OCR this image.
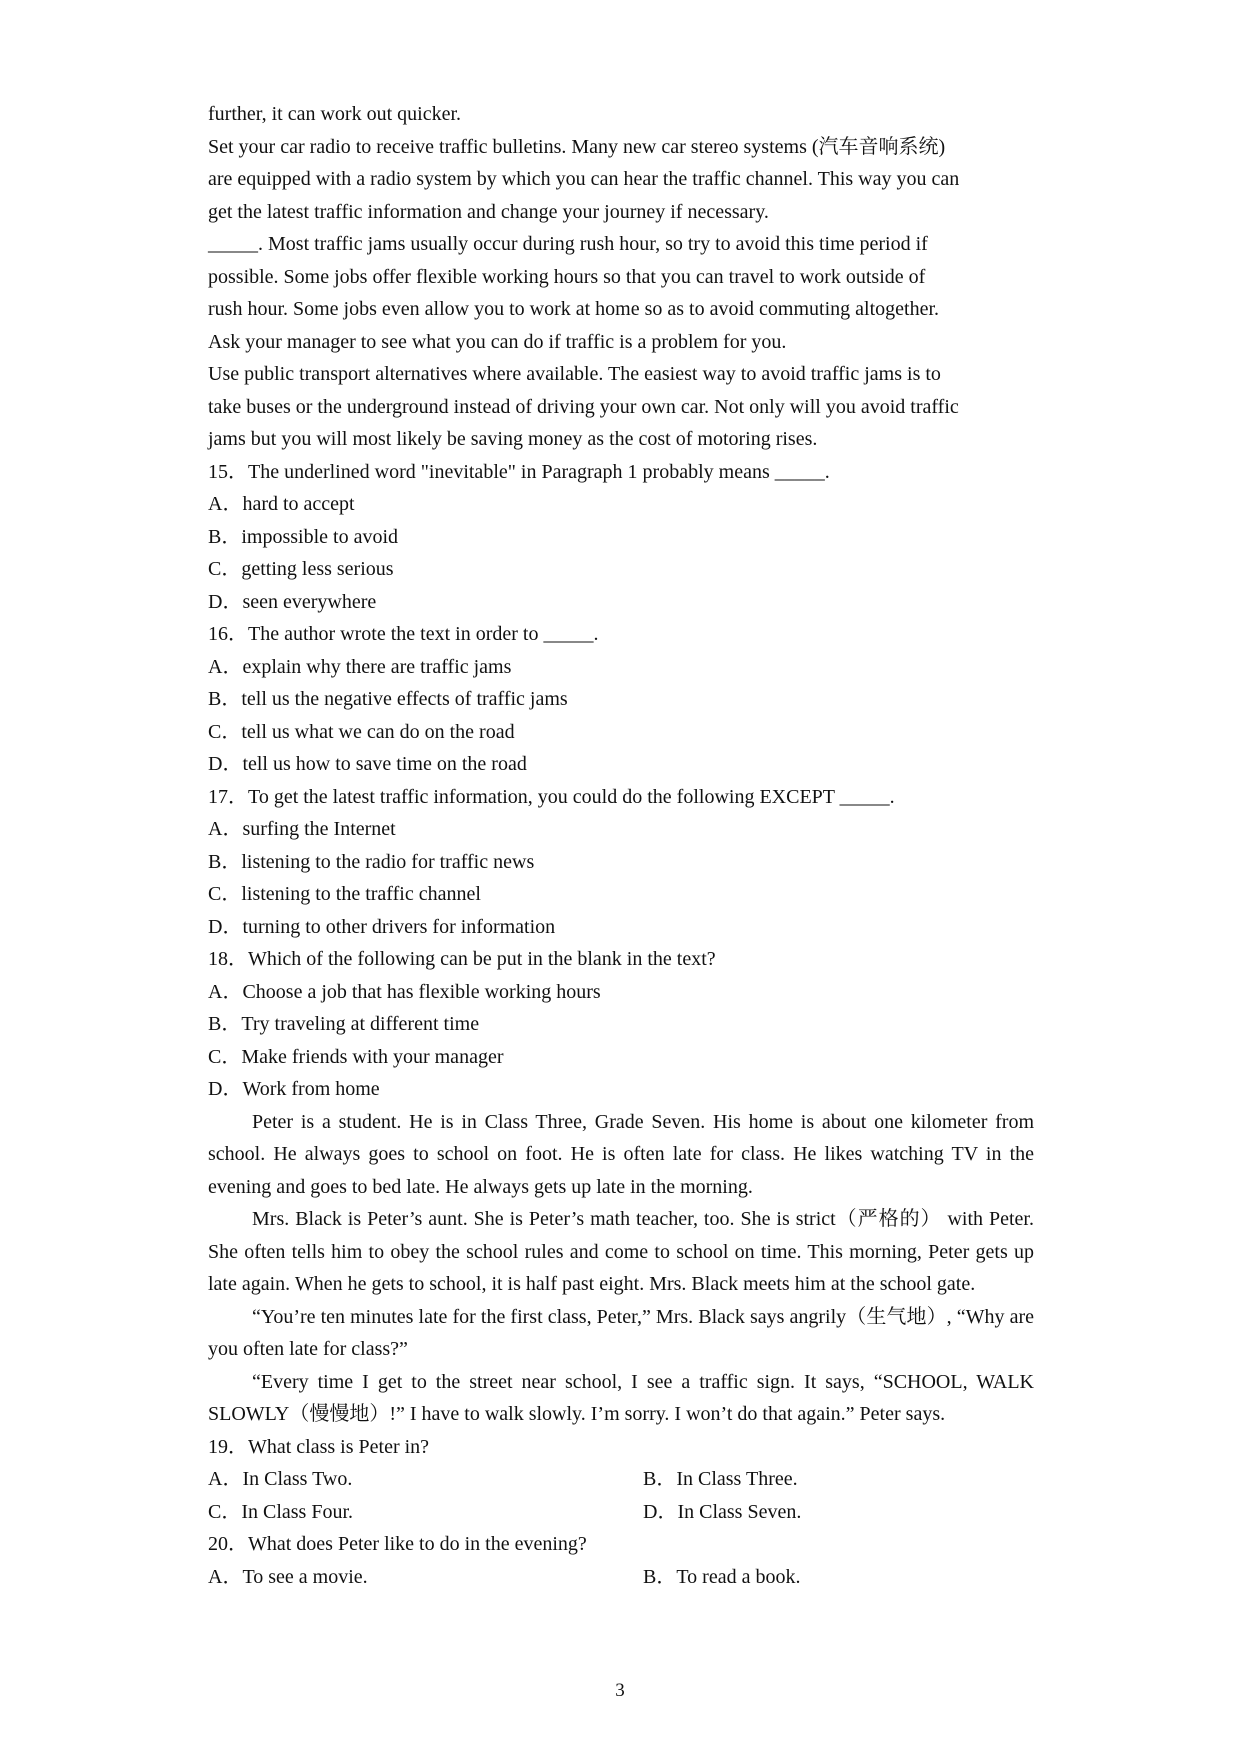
further, it can work out quicker.
Set your car radio to receive traffic bulletins. Many new car stereo systems (汽车音响系统)
are equipped with a radio system by which you can hear the traffic channel. This way you can
get the latest traffic information and change your journey if necessary.
_____. Most traffic jams usually occur during rush hour, so try to avoid this time period if
possible. Some jobs offer flexible working hours so that you can travel to work outside of
rush hour. Some jobs even allow you to work at home so as to avoid commuting altogether.
Ask your manager to see what you can do if traffic is a problem for you.
Use public transport alternatives where available. The easiest way to avoid traffic jams is to
take buses or the underground instead of driving your own car. Not only will you avoid traffic
jams but you will most likely be saving money as the cost of motoring rises.
15．The underlined word "inevitable" in Paragraph 1 probably means _____.
A．hard to accept
B．impossible to avoid
C．getting less serious
D．seen everywhere
16．The author wrote the text in order to _____.
A．explain why there are traffic jams
B．tell us the negative effects of traffic jams
C．tell us what we can do on the road
D．tell us how to save time on the road
17．To get the latest traffic information, you could do the following EXCEPT _____.
A．surfing the Internet
B．listening to the radio for traffic news
C．listening to the traffic channel
D．turning to other drivers for information
18．Which of the following can be put in the blank in the text?
A．Choose a job that has flexible working hours
B．Try traveling at different time
C．Make friends with your manager
D．Work from home
Peter is a student. He is in Class Three, Grade Seven. His home is about one kilometer from school. He always goes to school on foot. He is often late for class. He likes watching TV in the evening and goes to bed late. He always gets up late in the morning.
Mrs. Black is Peter’s aunt. She is Peter’s math teacher, too. She is strict（严格的） with Peter. She often tells him to obey the school rules and come to school on time. This morning, Peter gets up late again. When he gets to school, it is half past eight. Mrs. Black meets him at the school gate.
“You’re ten minutes late for the first class, Peter,” Mrs. Black says angrily（生气地）, “Why are you often late for class?”
“Every time I get to the street near school, I see a traffic sign. It says, “SCHOOL, WALK SLOWLY（慢慢地）!” I have to walk slowly. I’m sorry. I won’t do that again.” Peter says.
19．What class is Peter in?
A．In Class Two.	B．In Class Three.
C．In Class Four.	D．In Class Seven.
20．What does Peter like to do in the evening?
A．To see a movie.	B．To read a book.
3
